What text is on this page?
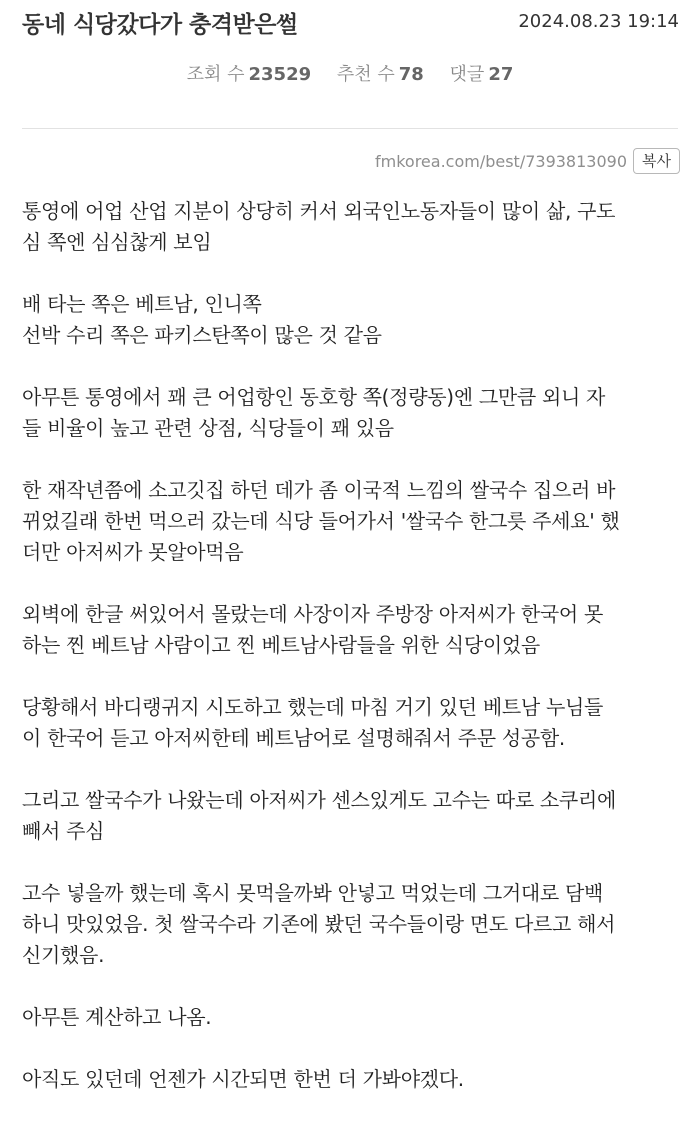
동네 식당갔다가 충격받은썰	2024.08.23 19:14
조회 수 23529 추천 수 78 댓글 27
fmkorea.com/best/7393813090	복사
통영에 어업 산업 지분이 상당히 커서 외국인노동자들이 많이 삶, 구도
심 쪽엔 심심찮게 보임
배 타는 쪽은 베트남, 인니쪽
선박 수리 쪽은 파키스탄쪽이 많은 것 같음
아무튼 통영에서 꽤 큰 어업항인 동호항 쪽(정량동)엔 그만큼 외니 자
들 비율이 높고 관련 상점, 식당들이 꽤 있음
한 재작년쯤에 소고깃집 하던 데가 좀 이국적 느낌의 쌀국수 집으러 바
뀌었길래 한번 먹으러 갔는데 식당 들어가서 '쌀국수 한그릇 주세요' 했
더만 아저씨가 못알아먹음
외벽에 한글 써있어서 몰랐는데 사장이자 주방장 아저씨가 한국어 못
하는 찐 베트남 사람이고 찐 베트남사람들을 위한 식당이었음
당황해서 바디랭귀지 시도하고 했는데 마침 거기 있던 베트남 누님들
이 한국어 듣고 아저씨한테 베트남어로 설명해줘서 주문 성공함.
그리고 쌀국수가 나왔는데 아저씨가 센스있게도 고수는 따로 소쿠리에
빼서 주심
고수 넣을까 했는데 혹시 못먹을까봐 안넣고 먹었는데 그거대로 담백
하니 맛있었음. 첫 쌀국수라 기존에 봤던 국수들이랑 면도 다르고 해서
신기했음.
아무튼 계산하고 나옴.
아직도 있던데 언젠가 시간되면 한번 더 가봐야겠다.
